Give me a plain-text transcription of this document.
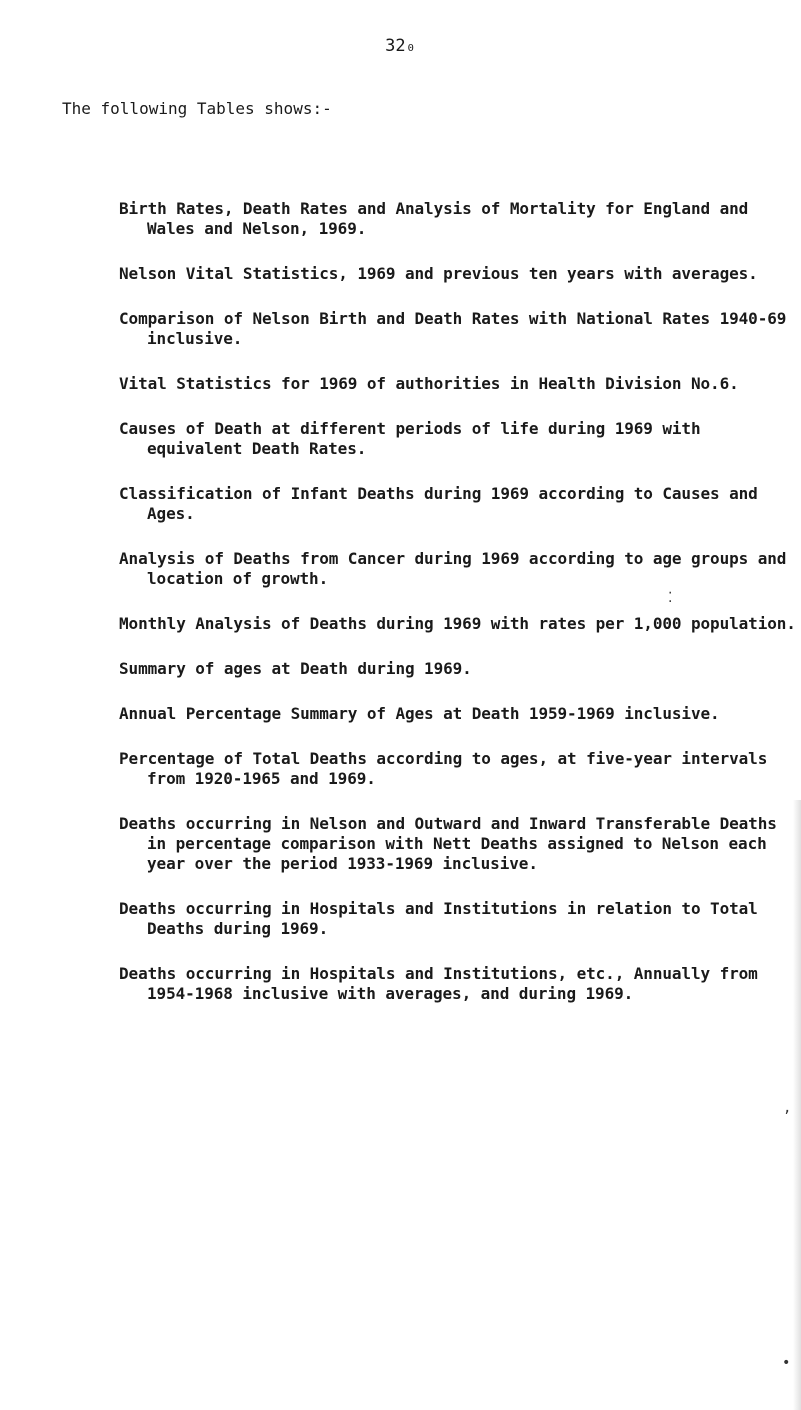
32₀
The following Tables shows:-
Birth Rates, Death Rates and Analysis of Mortality for England and Wales and Nelson, 1969.
Nelson Vital Statistics, 1969 and previous ten years with averages.
Comparison of Nelson Birth and Death Rates with National Rates 1940-69 inclusive.
Vital Statistics for 1969 of authorities in Health Division No.6.
Causes of Death at different periods of life during 1969 with equivalent Death Rates.
Classification of Infant Deaths during 1969 according to Causes and Ages.
Analysis of Deaths from Cancer during 1969 according to age groups and location of growth.
Monthly Analysis of Deaths during 1969 with rates per 1,000 population.
Summary of ages at Death during 1969.
Annual Percentage Summary of Ages at Death 1959-1969 inclusive.
Percentage of Total Deaths according to ages, at five-year intervals from 1920-1965 and 1969.
Deaths occurring in Nelson and Outward and Inward Transferable Deaths in percentage comparison with Nett Deaths assigned to Nelson each year over the period 1933-1969 inclusive.
Deaths occurring in Hospitals and Institutions in relation to Total Deaths during 1969.
Deaths occurring in Hospitals and Institutions, etc., Annually from 1954-1968 inclusive with averages, and during 1969.
⁚
,
•
